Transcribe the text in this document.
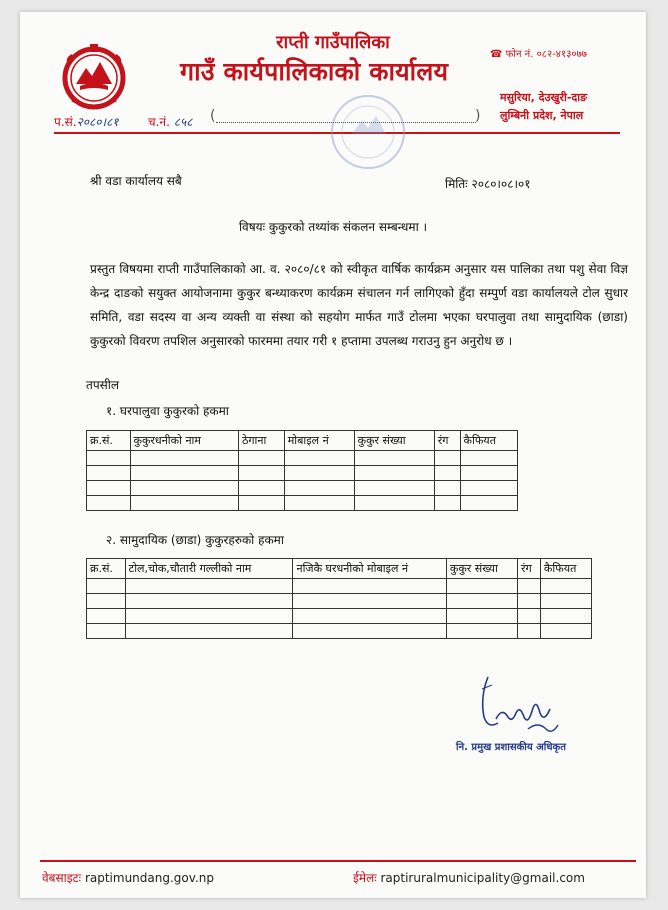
राप्ती गाउँपालिका
गाउँ कार्यपालिकाको कार्यालय
☎ फोन नं. ०८२-४१३०७७
मसुरिया, देउखुरी-दाङ
लुम्बिनी प्रदेश, नेपाल
प.सं.२०८०।८१ च.नं. ८५८ (	)
श्री वडा कार्यालय सबै	मितिः २०८०।०८।०१
विषयः कुकुरको तथ्यांक संकलन सम्बन्धमा ।
प्रस्तुत विषयमा राप्ती गाउँपालिकाको आ. व. २०८०/८१ को स्वीकृत वार्षिक कार्यक्रम अनुसार यस पालिका तथा पशु सेवा विज्ञ केन्द्र दाङको सयुक्त आयोजनामा कुकुर बन्ध्याकरण कार्यक्रम संचालन गर्न लागिएको हुँदा सम्पुर्ण वडा कार्यालयले टोल सुधार समिति, वडा सदस्य वा अन्य व्यक्ती वा संस्था को सहयोग मार्फत गाउँ टोलमा भएका घरपालुवा तथा सामुदायिक (छाडा) कुकुरको विवरण तपशिल अनुसारको फारममा तयार गरी १ हप्तामा उपलब्ध गराउनु हुन अनुरोध छ ।
तपसील
१. घरपालुवा कुकुरको हकमा
क्र.सं.	कुकुरधनीको नाम	ठेगाना	मोबाइल नं	कुकुर संख्या	रंग	कैफियत

२. सामुदायिक (छाडा) कुकुरहरुको हकमा
क्र.सं.	टोल,चोक,चौतारी गल्लीको नाम	नजिकै घरधनीको मोबाइल नं	कुकुर संख्या	रंग	कैफियत

नि. प्रमुख प्रशासकीय अधिकृत
वेबसाइटः raptimundang.gov.np	ईमेलः raptiruralmunicipality@gmail.com
